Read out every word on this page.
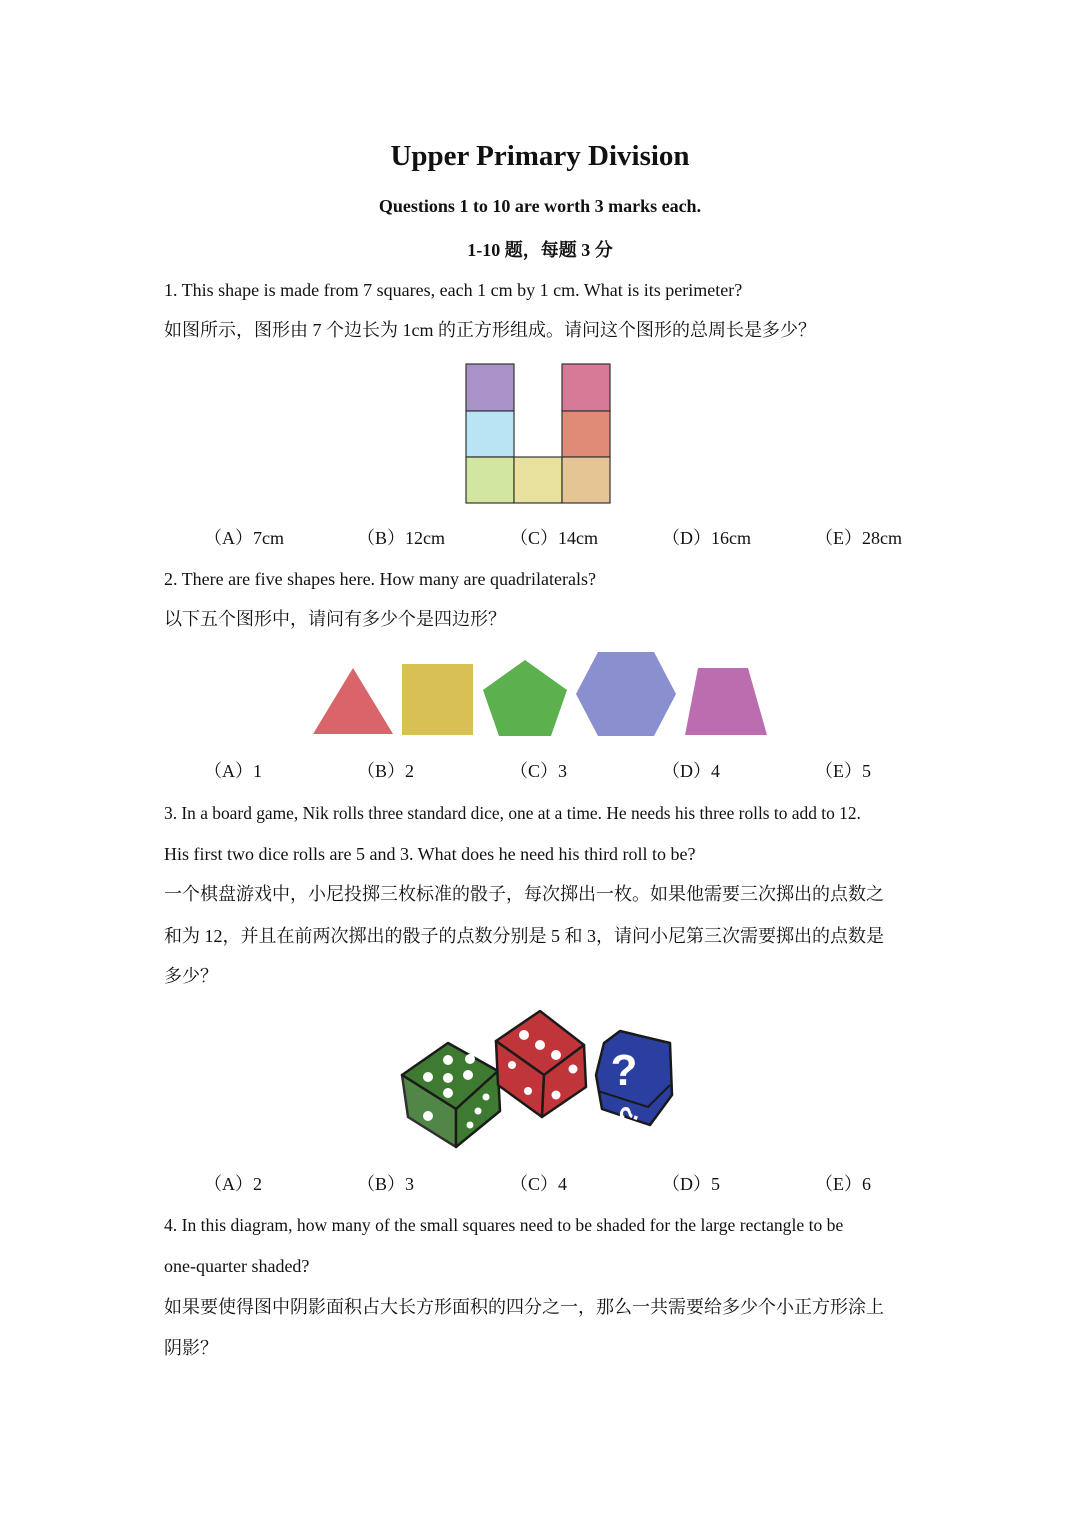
Upper Primary Division

Questions 1 to 10 are worth 3 marks each.

1-10 题，每题 3 分

1. This shape is made from 7 squares, each 1 cm by 1 cm. What is its perimeter?

如图所示，图形由 7 个边长为 1cm 的正方形组成。请问这个图形的总周长是多少？

（A）7cm	（B）12cm	（C）14cm	（D）16cm	（E）28cm

2. There are five shapes here. How many are quadrilaterals?

以下五个图形中，请问有多少个是四边形？

（A）1	（B）2	（C）3	（D）4	（E）5

3. In a board game, Nik rolls three standard dice, one at a time. He needs his three rolls to add to 12.

His first two dice rolls are 5 and 3. What does he need his third roll to be?

一个棋盘游戏中，小尼投掷三枚标准的骰子，每次掷出一枚。如果他需要三次掷出的点数之

和为 12，并且在前两次掷出的骰子的点数分别是 5 和 3，请问小尼第三次需要掷出的点数是

多少？

?
?
（A）2	（B）3	（C）4	（D）5	（E）6

4. In this diagram, how many of the small squares need to be shaded for the large rectangle to be

one-quarter shaded?

如果要使得图中阴影面积占大长方形面积的四分之一，那么一共需要给多少个小正方形涂上

阴影？
